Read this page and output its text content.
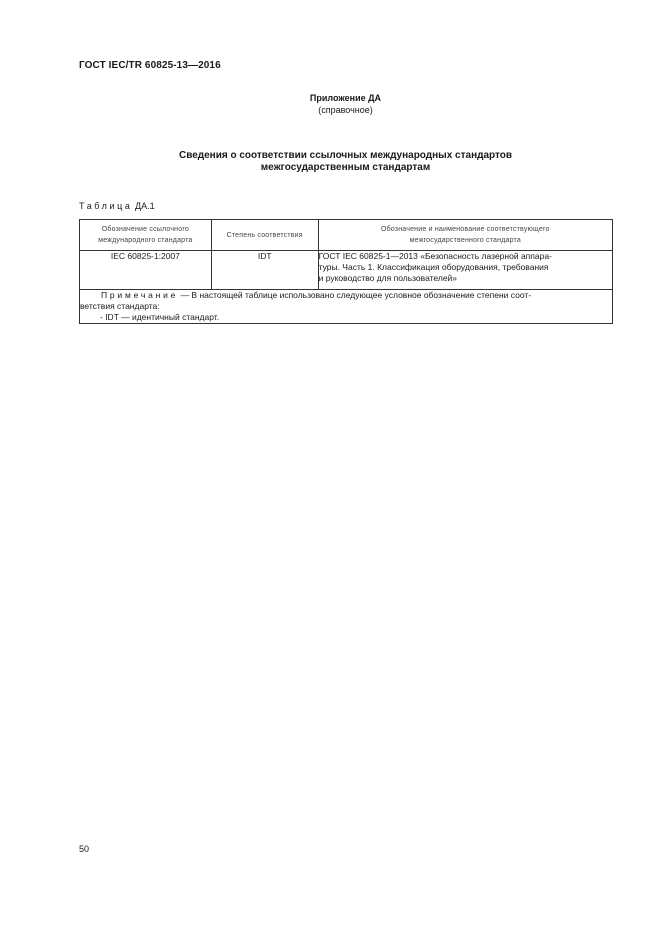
ГОСТ IEC/TR 60825-13—2016
Приложение ДА
(справочное)
Сведения о соответствии ссылочных международных стандартов
межгосударственным стандартам
Таблица ДА.1
Обозначение ссылочного
международного стандарта	Степень соответствия	Обозначение и наименование соответствующего
межгосударственного стандарта

IEC 60825-1:2007	IDT	ГОСТ IEC 60825-1—2013 «Безопасность лазерной аппара-
туры. Часть 1. Классификация оборудования, требования
и руководство для пользователей»

Примечание — В настоящей таблице использовано следующее условное обозначение степени соот-
ветствия стандарта:
- IDT — идентичный стандарт.		
50
